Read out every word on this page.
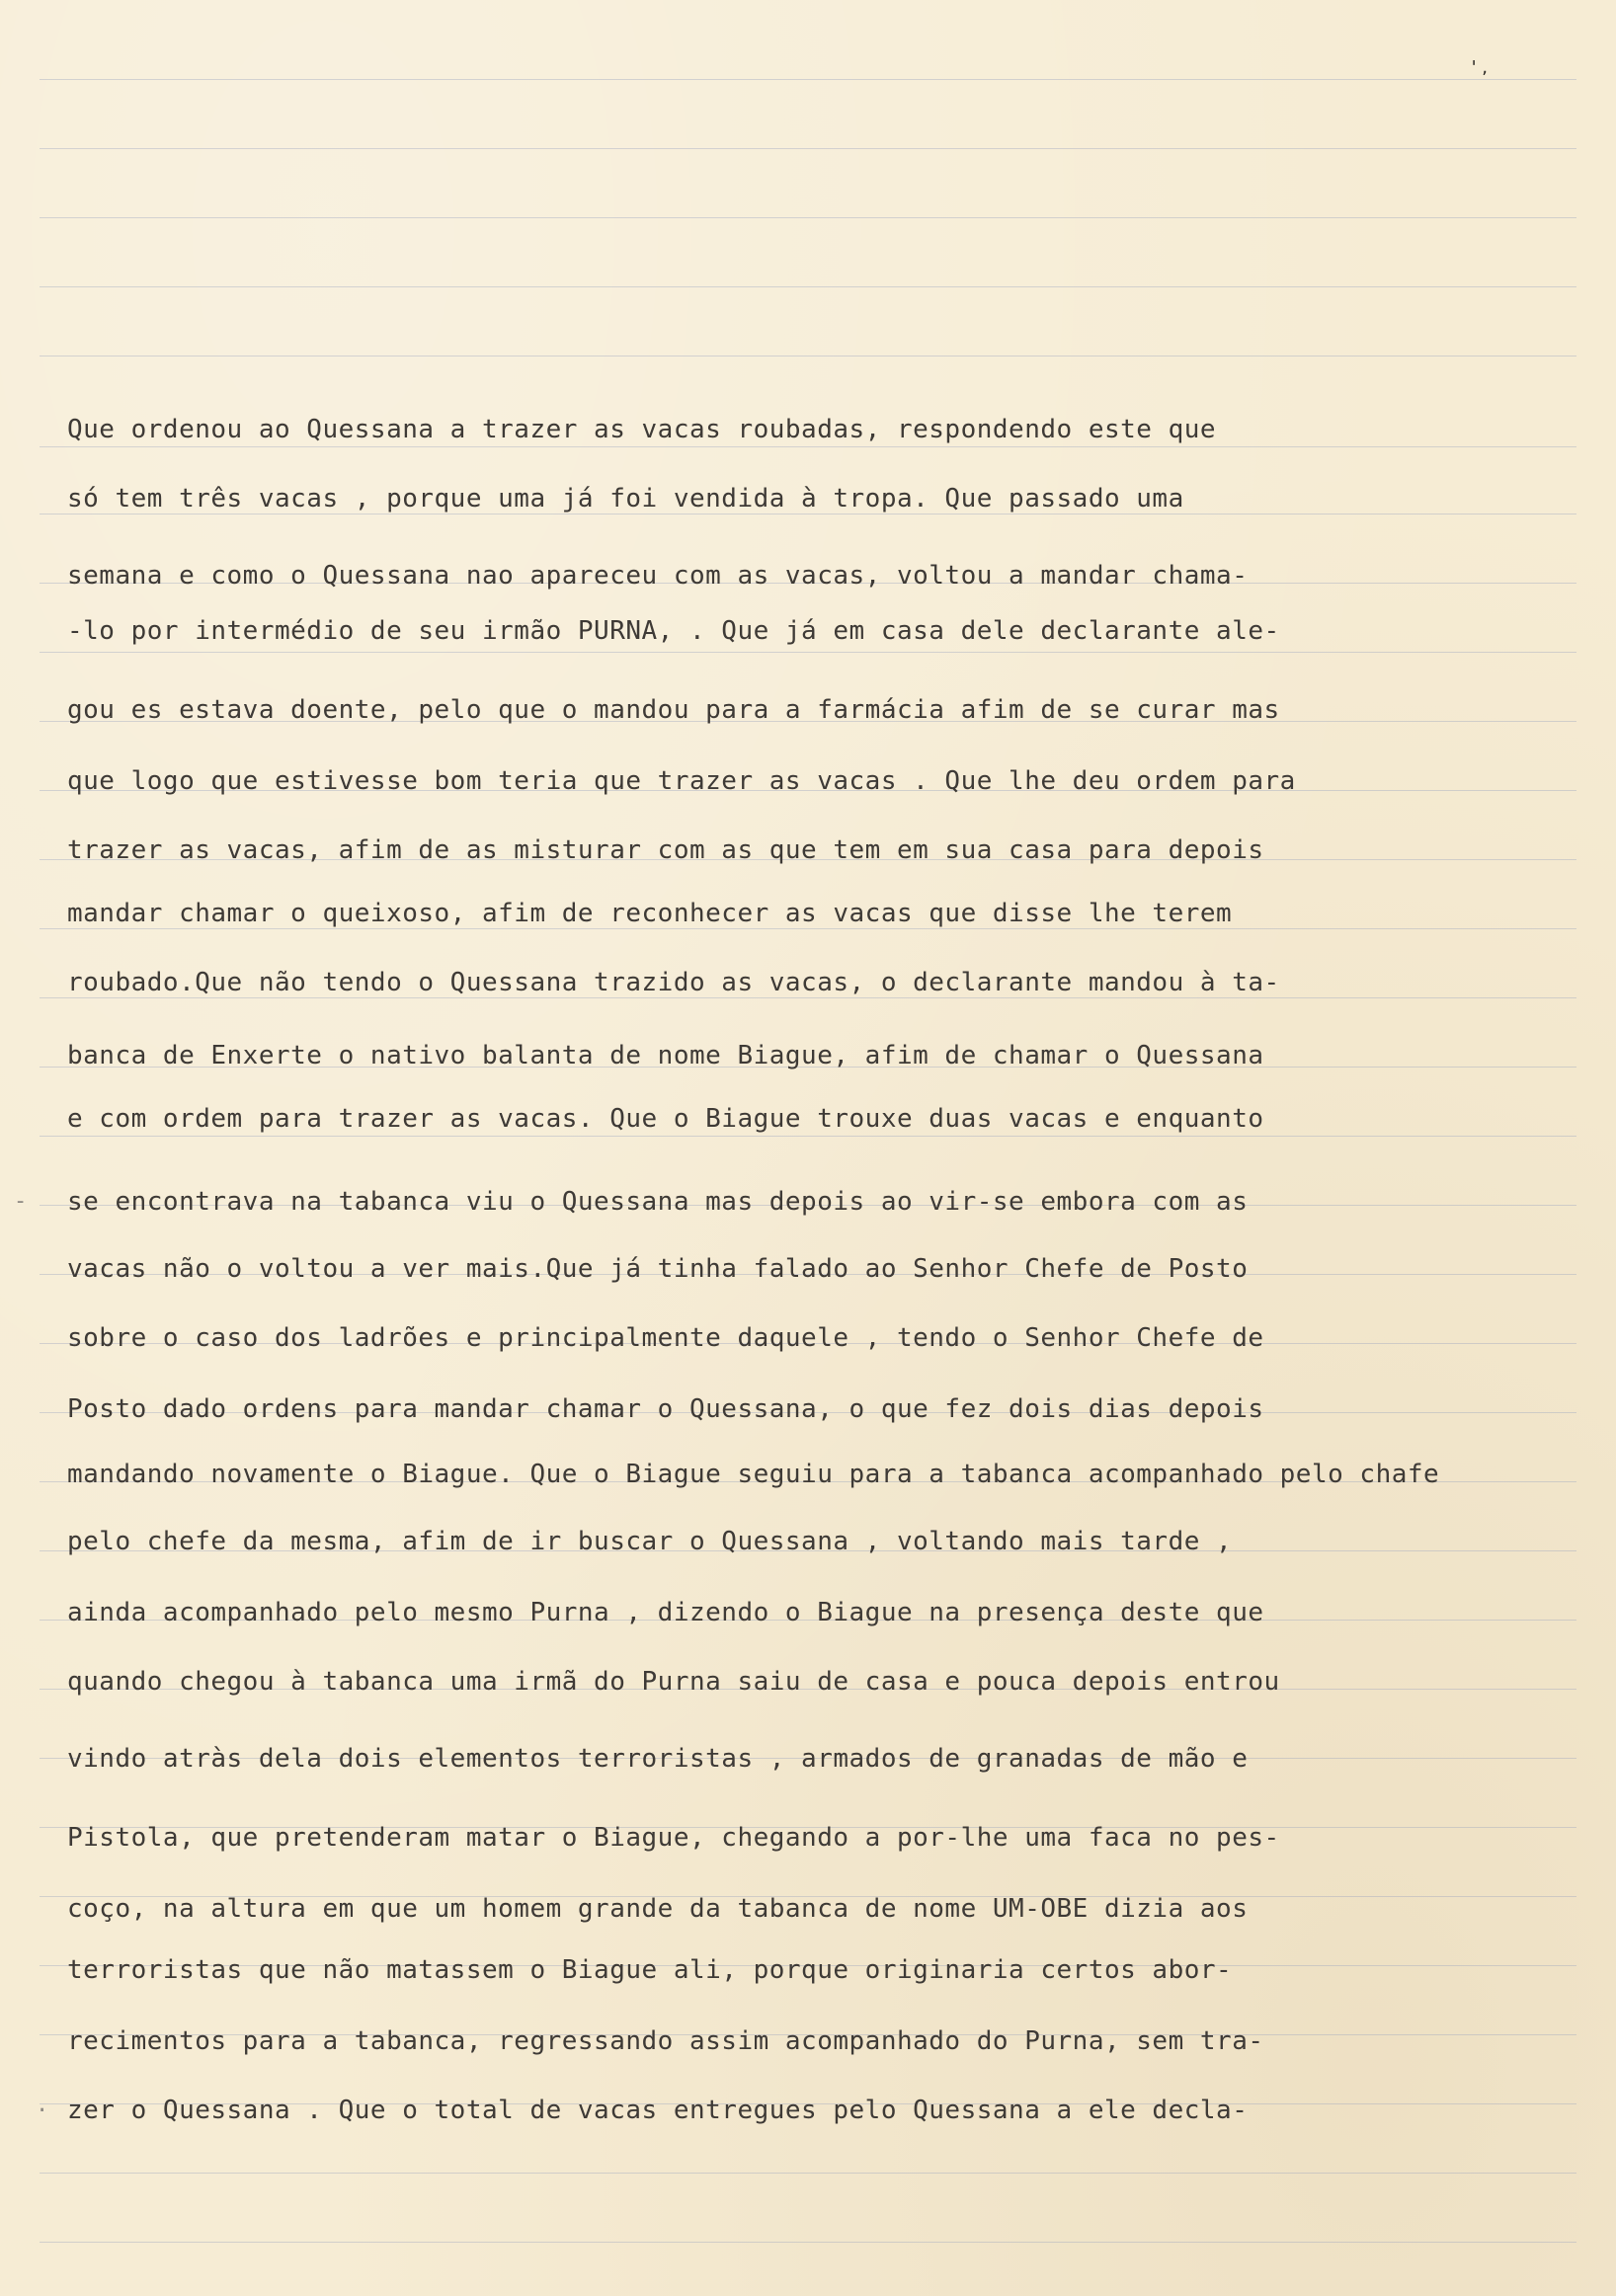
' ,
-
·

Que ordenou ao Quessana a trazer as vacas roubadas, respondendo este que

só tem três vacas , porque uma já foi vendida à tropa. Que passado uma

semana e como o Quessana nao apareceu com as vacas, voltou a mandar chama-

-lo por intermédio de seu irmão PURNA, . Que já em casa dele declarante ale-

gou es estava doente, pelo que o mandou para a farmácia afim de se curar mas

que logo que estivesse bom teria que trazer as vacas . Que lhe deu ordem para

trazer as vacas, afim de as misturar com as que tem em sua casa para depois

mandar chamar o queixoso, afim de reconhecer as vacas que disse lhe terem

roubado.Que não tendo o Quessana trazido as vacas, o declarante mandou à ta-

banca de Enxerte o nativo balanta de nome Biague, afim de chamar o Quessana

e com ordem para trazer as vacas. Que o Biague trouxe duas vacas e enquanto

se encontrava na tabanca viu o Quessana mas depois ao vir-se embora com as

vacas não o voltou a ver mais.Que já tinha falado ao Senhor Chefe de Posto

sobre o caso dos ladrões e principalmente daquele , tendo o Senhor Chefe de

Posto dado ordens para mandar chamar o Quessana, o que fez dois dias depois

mandando novamente o Biague. Que o Biague seguiu para a tabanca acompanhado pelo chafe

pelo chefe da mesma, afim de ir buscar o Quessana , voltando mais tarde ,

ainda acompanhado pelo mesmo Purna , dizendo o Biague na presença deste que

quando chegou à tabanca uma irmã do Purna saiu de casa e pouca depois entrou

vindo atràs dela dois elementos terroristas , armados de granadas de mão e

Pistola, que pretenderam matar o Biague, chegando a por-lhe uma faca no pes-

coço, na altura em que um homem grande da tabanca de nome UM-OBE dizia aos

terroristas que não matassem o Biague ali, porque originaria certos abor-

recimentos para a tabanca, regressando assim acompanhado do Purna, sem tra-

zer o Quessana . Que o total de vacas entregues pelo Quessana a ele decla-
